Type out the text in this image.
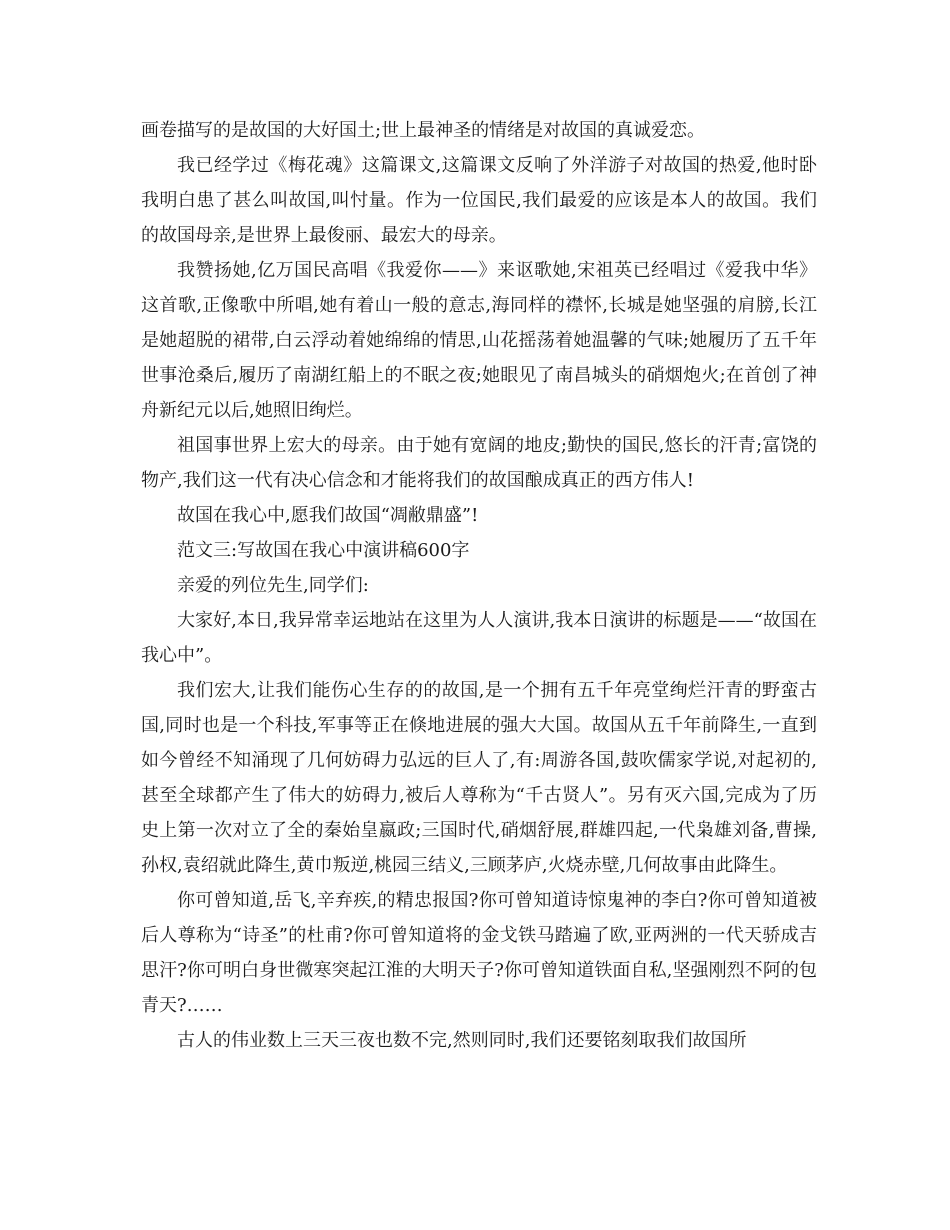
画卷描写的是故国的大好国土;世上最神圣的情绪是对故国的真诚爱恋。

我已经学过《梅花魂》这篇课文,这篇课文反响了外洋游子对故国的热爱,他时卧我明白患了甚么叫故国,叫忖量。作为一位国民,我们最爱的应该是本人的故国。我们的故国母亲,是世界上最俊丽、最宏大的母亲。

我赞扬她,亿万国民高唱《我爱你——》来讴歌她,宋祖英已经唱过《爱我中华》这首歌,正像歌中所唱,她有着山一般的意志,海同样的襟怀,长城是她坚强的肩膀,长江是她超脱的裙带,白云浮动着她绵绵的情思,山花摇荡着她温馨的气味;她履历了五千年世事沧桑后,履历了南湖红船上的不眠之夜;她眼见了南昌城头的硝烟炮火;在首创了神舟新纪元以后,她照旧绚烂。

祖国事世界上宏大的母亲。由于她有宽阔的地皮;勤快的国民,悠长的汗青;富饶的物产,我们这一代有决心信念和才能将我们的故国酿成真正的西方伟人!

故国在我心中,愿我们故国“凋敝鼎盛”!

范文三:写故国在我心中演讲稿600字

亲爱的列位先生,同学们:

大家好,本日,我异常幸运地站在这里为人人演讲,我本日演讲的标题是——“故国在我心中”。

我们宏大,让我们能伤心生存的的故国,是一个拥有五千年亮堂绚烂汗青的野蛮古国,同时也是一个科技,军事等正在倏地进展的强大大国。故国从五千年前降生,一直到如今曾经不知涌现了几何妨碍力弘远的巨人了,有:周游各国,鼓吹儒家学说,对起初的,甚至全球都产生了伟大的妨碍力,被后人尊称为“千古贤人”。另有灭六国,完成为了历史上第一次对立了全的秦始皇嬴政;三国时代,硝烟舒展,群雄四起,一代枭雄刘备,曹操,孙权,袁绍就此降生,黄巾叛逆,桃园三结义,三顾茅庐,火烧赤壁,几何故事由此降生。

你可曾知道,岳飞,辛弃疾,的精忠报国?你可曾知道诗惊鬼神的李白?你可曾知道被后人尊称为“诗圣”的杜甫?你可曾知道将的金戈铁马踏遍了欧,亚两洲的一代天骄成吉思汗?你可明白身世微寒突起江淮的大明天子?你可曾知道铁面自私,坚强刚烈不阿的包青天?……

古人的伟业数上三天三夜也数不完,然则同时,我们还要铭刻取我们故国所
